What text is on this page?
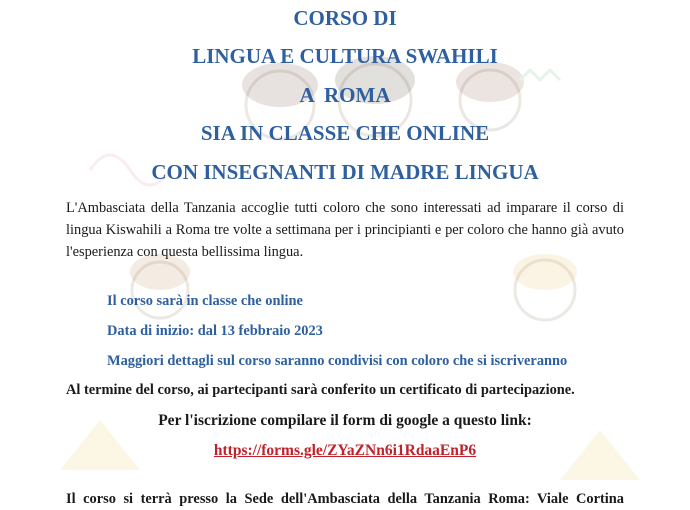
CORSO DI
LINGUA E CULTURA SWAHILI
A  ROMA
SIA IN CLASSE CHE ONLINE
CON INSEGNANTI DI MADRE LINGUA
L'Ambasciata della Tanzania accoglie tutti coloro che sono interessati ad imparare il corso di lingua Kiswahili a Roma tre volte a settimana per i principianti e per coloro che hanno già avuto l'esperienza con questa bellissima lingua.
Il corso sarà in classe che online
Data di inizio: dal 13 febbraio 2023
Maggiori dettagli sul corso saranno condivisi con coloro che si iscriveranno
Al termine del corso, ai partecipanti sarà conferito un certificato di partecipazione.
Per l'iscrizione compilare il form di google a questo link:
https://forms.gle/ZYaZNn6i1RdaaEnP6
Il corso si terrà presso la Sede dell'Ambasciata della Tanzania Roma: Viale Cortina
